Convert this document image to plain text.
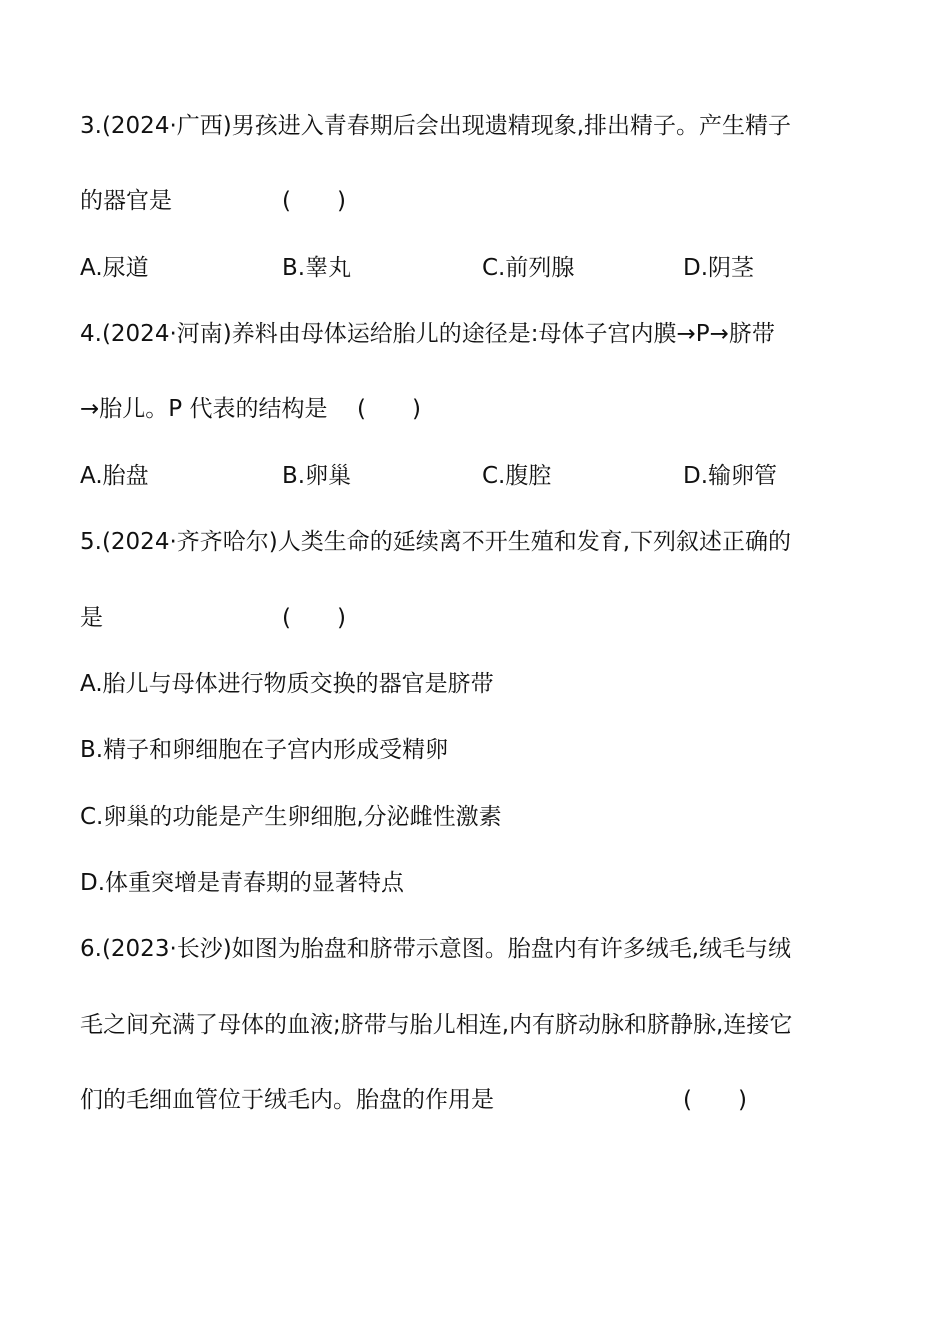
3.(2024·广西)男孩进入青春期后会出现遗精现象,排出精子。产生精子
的器官是	(　　)
A.尿道	B.睾丸	C.前列腺	D.阴茎
4.(2024·河南)养料由母体运给胎儿的途径是:母体子宫内膜→P→脐带
→胎儿。P 代表的结构是 (　　)
A.胎盘	B.卵巢	C.腹腔	D.输卵管
5.(2024·齐齐哈尔)人类生命的延续离不开生殖和发育,下列叙述正确的
是	(　　)
A.胎儿与母体进行物质交换的器官是脐带
B.精子和卵细胞在子宫内形成受精卵
C.卵巢的功能是产生卵细胞,分泌雌性激素
D.体重突增是青春期的显著特点
6.(2023·长沙)如图为胎盘和脐带示意图。胎盘内有许多绒毛,绒毛与绒
毛之间充满了母体的血液;脐带与胎儿相连,内有脐动脉和脐静脉,连接它
们的毛细血管位于绒毛内。胎盘的作用是	(　　)
